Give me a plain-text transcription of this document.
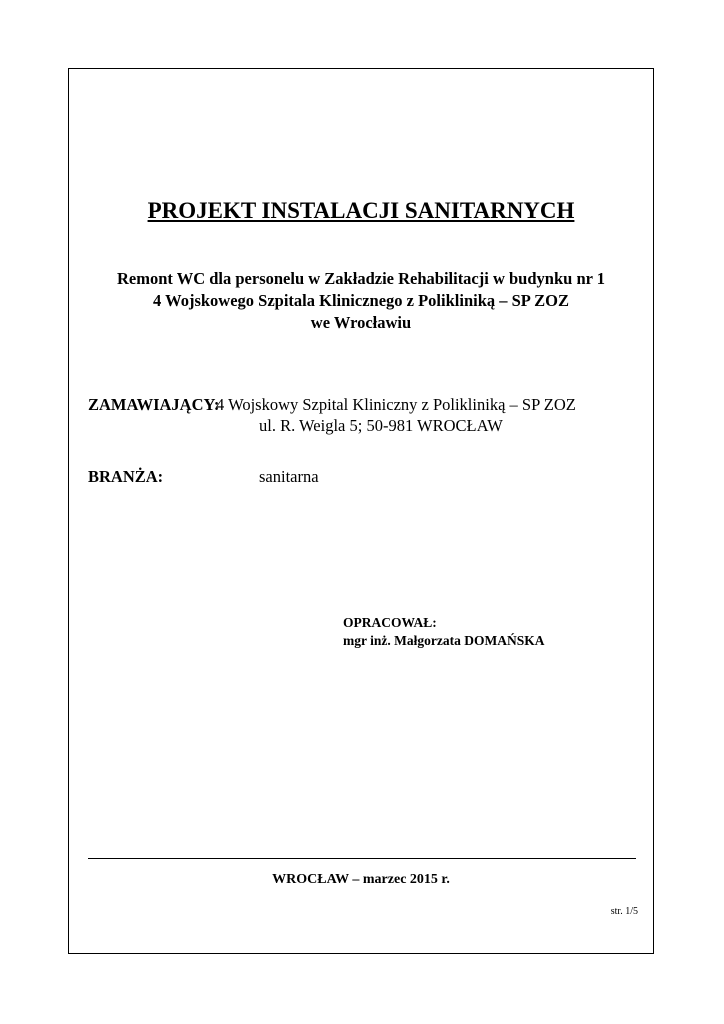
PROJEKT INSTALACJI SANITARNYCH
Remont WC dla personelu w Zakładzie Rehabilitacji w budynku nr 1
4 Wojskowego Szpitala Klinicznego z Polikliniką – SP ZOZ
we Wrocławiu
ZAMAWIAJĄCY:
4 Wojskowy Szpital Kliniczny z Polikliniką – SP ZOZ
ul. R. Weigla 5; 50-981 WROCŁAW
BRANŻA:	sanitarna
OPRACOWAŁ:
mgr inż. Małgorzata DOMAŃSKA
WROCŁAW – marzec 2015 r.
str. 1/5
